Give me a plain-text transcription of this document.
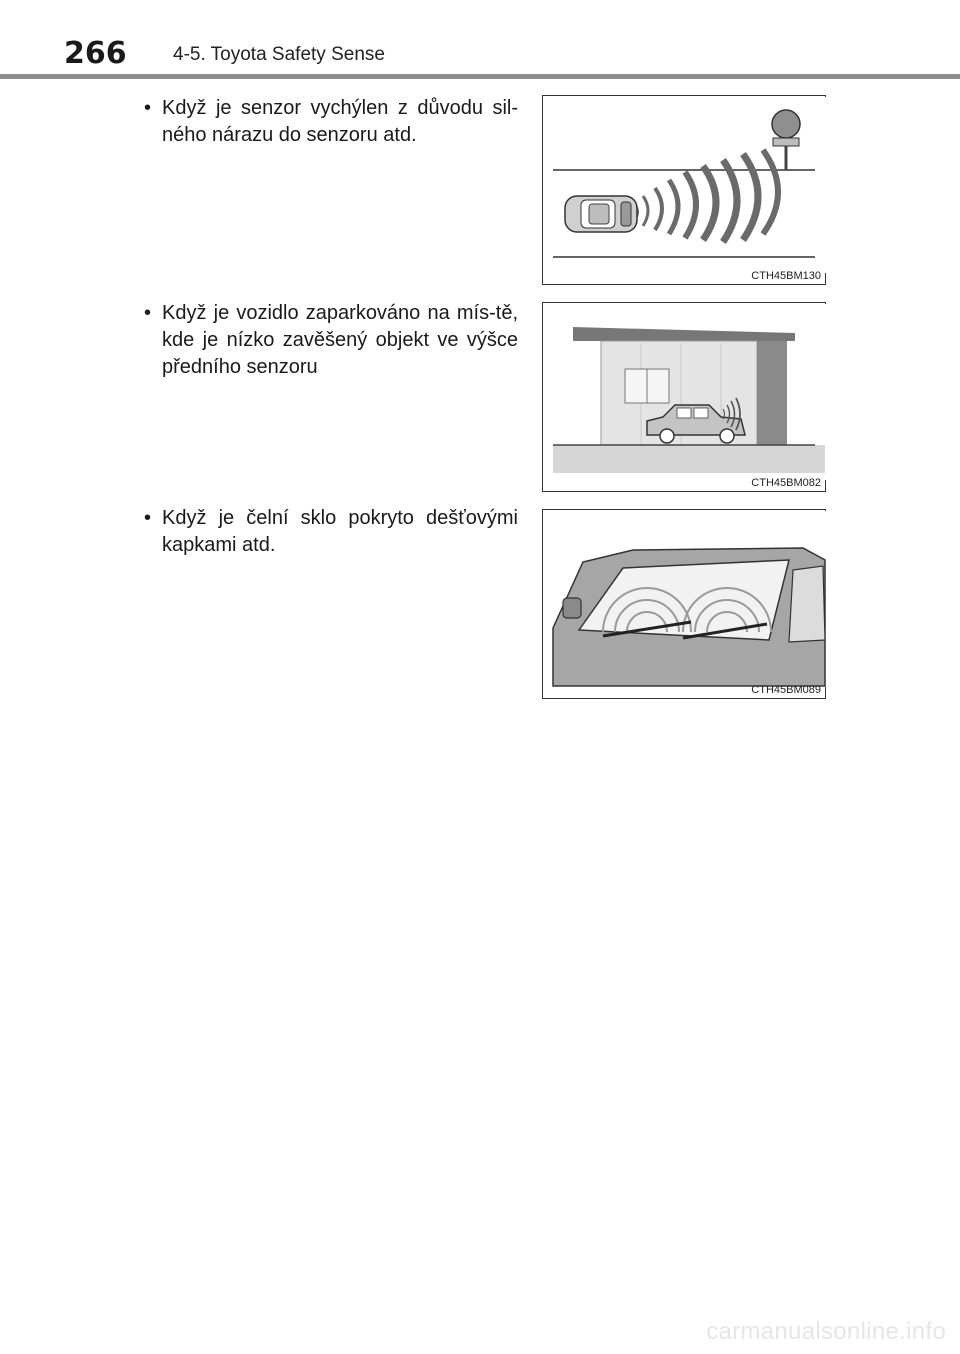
266 4-5. Toyota Safety Sense
• Když je senzor vychýlen z důvodu sil-ného nárazu do senzoru atd.
CTH45BM130
• Když je vozidlo zaparkováno na mís-tě, kde je nízko zavěšený objekt ve výšce předního senzoru
CTH45BM082
• Když je čelní sklo pokryto dešťovými kapkami atd.
CTH45BM089
carmanualsonline.info
